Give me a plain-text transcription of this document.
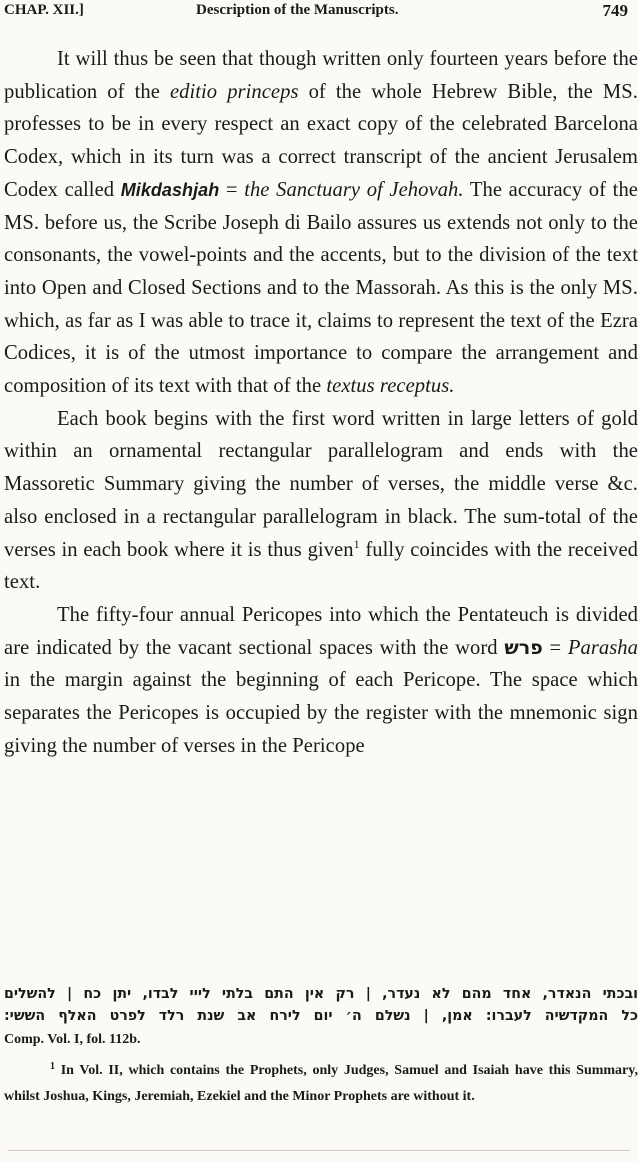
CHAP. XII.]	Description of the Manuscripts.	749

It will thus be seen that though written only fourteen years before the publication of the editio princeps of the whole Hebrew Bible, the MS. professes to be in every respect an exact copy of the celebrated Barcelona Codex, which in its turn was a correct transcript of the ancient Jerusalem Codex called Mikdashjah = the Sanctuary of Jehovah. The accuracy of the MS. before us, the Scribe Joseph di Bailo assures us extends not only to the consonants, the vowel-points and the accents, but to the division of the text into Open and Closed Sections and to the Massorah. As this is the only MS. which, as far as I was able to trace it, claims to represent the text of the Ezra Codices, it is of the utmost importance to compare the arrangement and composition of its text with that of the textus receptus.

Each book begins with the first word written in large letters of gold within an ornamental rectangular parallelogram and ends with the Massoretic Summary giving the number of verses, the middle verse &c. also enclosed in a rectangular parallelogram in black. The sum-total of the verses in each book where it is thus given$^1$ fully coincides with the received text.

The fifty-four annual Pericopes into which the Pentateuch is divided are indicated by the vacant sectional spaces with the word פרש = Parasha in the margin against the beginning of each Pericope. The space which separates the Pericopes is occupied by the register with the mnemonic sign giving the number of verses in the Pericope

ובכתי הנאדר, אחד מהם לא נעדר, | רק אין התם בלתי לייי לבדו, יתן כח | להשלים
כל המקדשיה לעברו: אמן, | נשלם ה׳ יום לירח אב שנת רלד לפרט האלף הששי:
Comp. Vol. I, fol. 112b.
$^1$ In Vol. II, which contains the Prophets, only Judges, Samuel and Isaiah have this Summary, whilst Joshua, Kings, Jeremiah, Ezekiel and the Minor Prophets are without it.
